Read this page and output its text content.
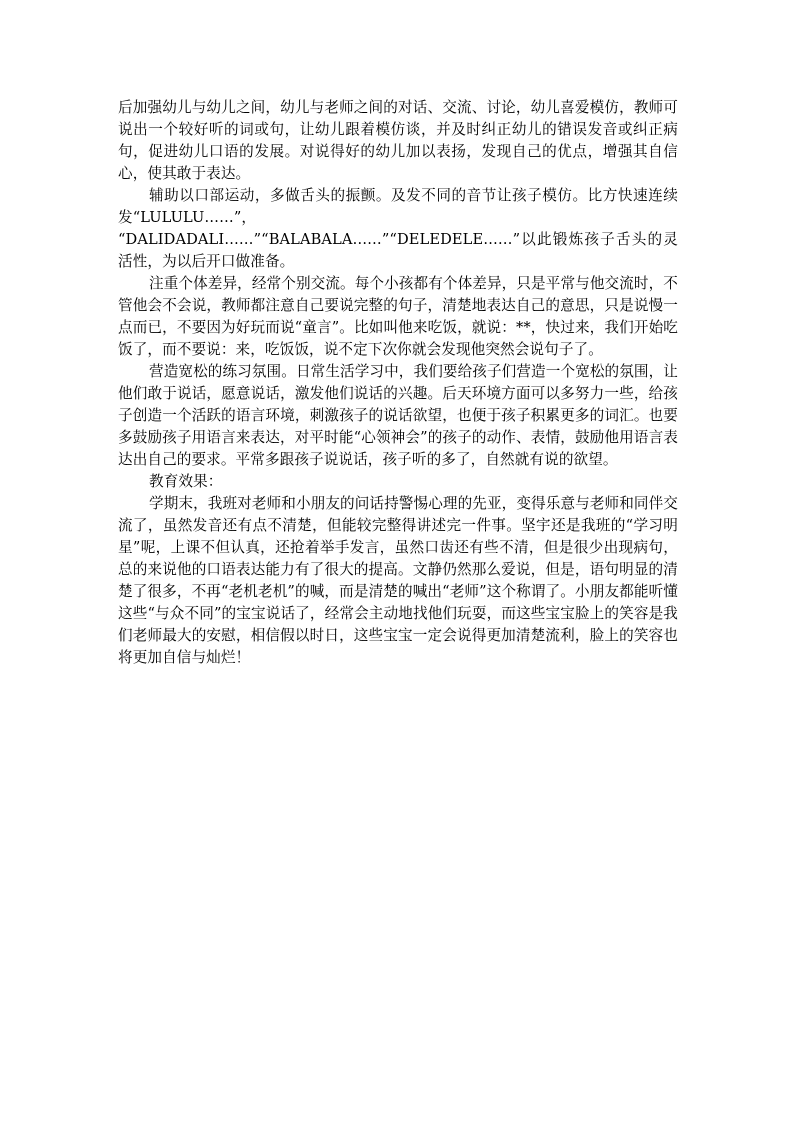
后加强幼儿与幼儿之间，幼儿与老师之间的对话、交流、讨论，幼儿喜爱模仿，教师可说出一个较好听的词或句，让幼儿跟着模仿谈，并及时纠正幼儿的错误发音或纠正病句，促进幼儿口语的发展。对说得好的幼儿加以表扬，发现自己的优点，增强其自信心，使其敢于表达。

辅助以口部运动，多做舌头的振颤。及发不同的音节让孩子模仿。比方快速连续发“LULULU……”，

“DALIDADALI……”“BALABALA……”“DELEDELE……”以此锻炼孩子舌头的灵活性，为以后开口做准备。

注重个体差异，经常个别交流。每个小孩都有个体差异，只是平常与他交流时，不管他会不会说，教师都注意自己要说完整的句子，清楚地表达自己的意思，只是说慢一点而已，不要因为好玩而说“童言”。比如叫他来吃饭，就说：**，快过来，我们开始吃饭了，而不要说：来，吃饭饭，说不定下次你就会发现他突然会说句子了。

营造宽松的练习氛围。日常生活学习中，我们要给孩子们营造一个宽松的氛围，让他们敢于说话，愿意说话，激发他们说话的兴趣。后天环境方面可以多努力一些，给孩子创造一个活跃的语言环境，刺激孩子的说话欲望，也便于孩子积累更多的词汇。也要多鼓励孩子用语言来表达，对平时能“心领神会”的孩子的动作、表情，鼓励他用语言表达出自己的要求。平常多跟孩子说说话，孩子听的多了，自然就有说的欲望。

教育效果：

学期末，我班对老师和小朋友的问话持警惕心理的先亚，变得乐意与老师和同伴交流了，虽然发音还有点不清楚，但能较完整得讲述完一件事。坚宇还是我班的“学习明星”呢，上课不但认真，还抢着举手发言，虽然口齿还有些不清，但是很少出现病句，总的来说他的口语表达能力有了很大的提高。文静仍然那么爱说，但是，语句明显的清楚了很多，不再“老机老机”的喊，而是清楚的喊出“老师”这个称谓了。小朋友都能听懂这些“与众不同”的宝宝说话了，经常会主动地找他们玩耍，而这些宝宝脸上的笑容是我们老师最大的安慰，相信假以时日，这些宝宝一定会说得更加清楚流利，脸上的笑容也将更加自信与灿烂！
